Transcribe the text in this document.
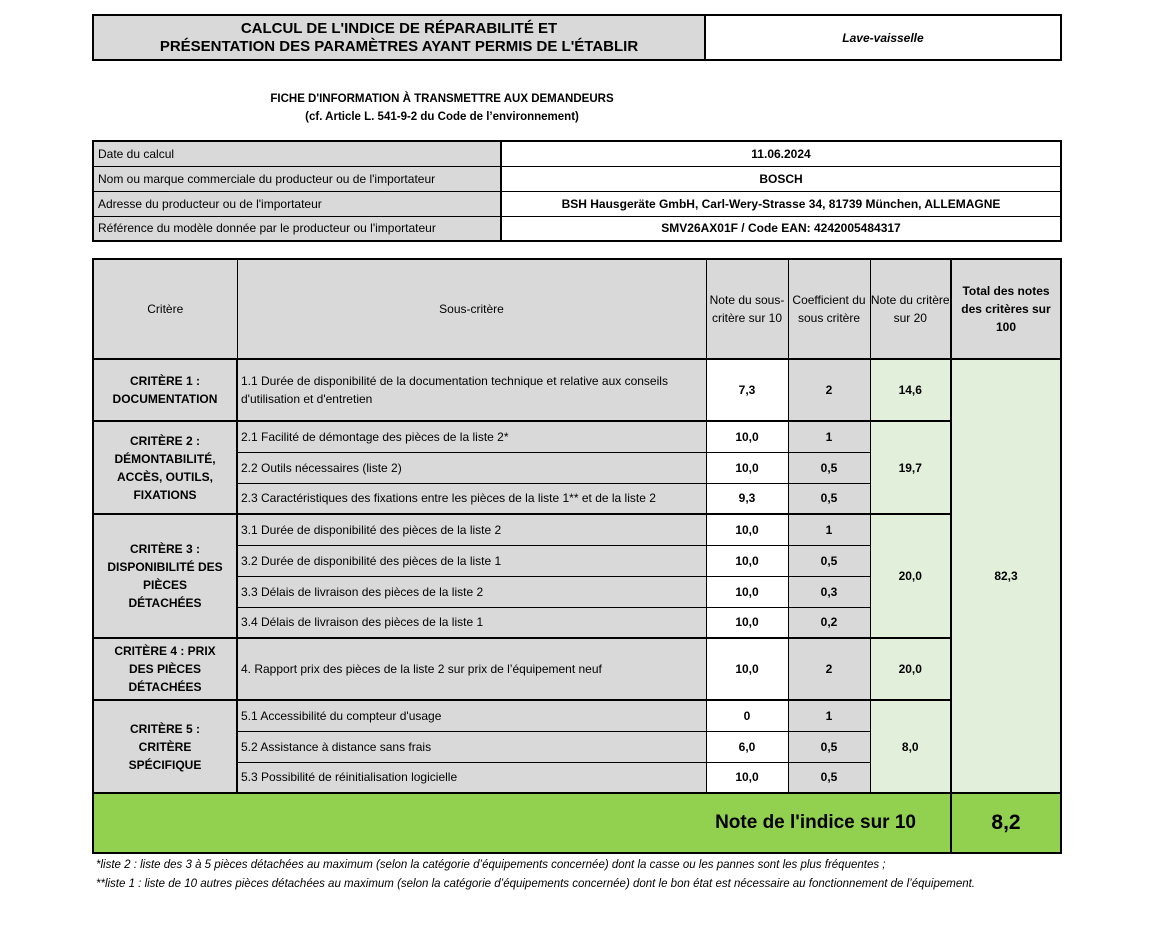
CALCUL DE L'INDICE DE RÉPARABILITÉ ET
PRÉSENTATION DES PARAMÈTRES AYANT PERMIS DE L'ÉTABLIR	Lave-vaisselle
FICHE D'INFORMATION À TRANSMETTRE AUX DEMANDEURS
(cf. Article L. 541-9-2 du Code de l’environnement)
Date du calcul	11.06.2024
Nom ou marque commerciale du producteur ou de l'importateur	BOSCH
Adresse du producteur ou de l'importateur	BSH Hausgeräte GmbH, Carl-Wery-Strasse 34, 81739 München, ALLEMAGNE
Référence du modèle donnée par le producteur ou l'importateur	SMV26AX01F / Code EAN: 4242005484317
Critère	Sous-critère	Note du sous-critère sur 10	Coefficient du sous critère	Note du critère sur 20	Total des notes des critères sur 100
CRITÈRE 1 : DOCUMENTATION	1.1 Durée de disponibilité de la documentation technique et relative aux conseils d'utilisation et d'entretien	7,3	2	14,6	82,3
CRITÈRE 2 : DÉMONTABILITÉ, ACCÈS, OUTILS, FIXATIONS	2.1 Facilité de démontage des pièces de la liste 2*	10,0	1	19,7	
	2.2 Outils nécessaires (liste 2)	10,0	0,5		
	2.3 Caractéristiques des fixations entre les pièces de la liste 1** et de la liste 2	9,3	0,5		
CRITÈRE 3 : DISPONIBILITÉ DES PIÈCES DÉTACHÉES	3.1 Durée de disponibilité des pièces de la liste 2	10,0	1	20,0	
	3.2 Durée de disponibilité des pièces de la liste 1	10,0	0,5		
	3.3 Délais de livraison des pièces de la liste 2	10,0	0,3		
	3.4 Délais de livraison des pièces de la liste 1	10,0	0,2		
CRITÈRE 4 : PRIX DES PIÈCES DÉTACHÉES	4. Rapport prix des pièces de la liste 2 sur prix de l’équipement neuf	10,0	2	20,0	
CRITÈRE 5 : CRITÈRE SPÉCIFIQUE	5.1 Accessibilité du compteur d'usage	0	1	8,0	
	5.2 Assistance à distance sans frais	6,0	0,5		
	5.3 Possibilité de réinitialisation logicielle	10,0	0,5		
Note de l'indice sur 10					8,2
*liste 2 : liste des 3 à 5 pièces détachées au maximum (selon la catégorie d’équipements concernée) dont la casse ou les pannes sont les plus fréquentes ;
**liste 1 : liste de 10 autres pièces détachées au maximum (selon la catégorie d’équipements concernée) dont le bon état est nécessaire au fonctionnement de l’équipement.
